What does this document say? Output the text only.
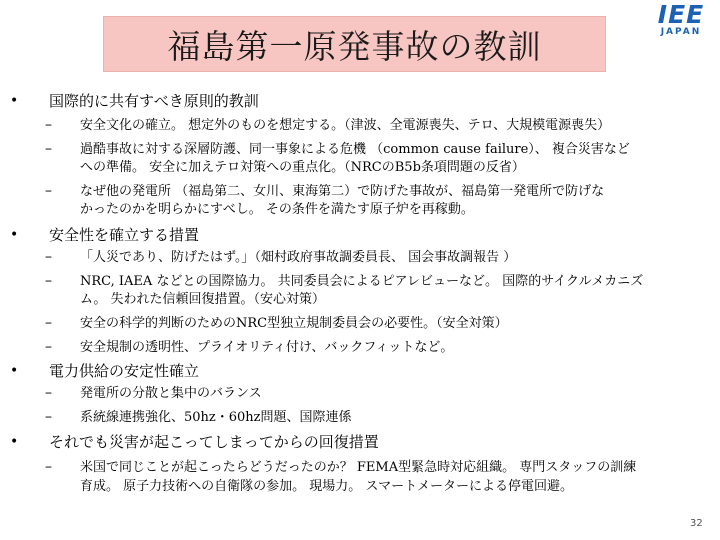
福島第一原発事故の教訓
IEE
JAPAN
• 国際的に共有すべき原則的教訓
– 安全文化の確立。 想定外のものを想定する。（津波、全電源喪失、テロ、大規模電源喪失）
– 過酷事故に対する深層防護、同一事象による危機 （common cause failure）、 複合災害など
への準備。 安全に加えテロ対策への重点化。（NRCのB5b条項問題の反省）
– なぜ他の発電所 （福島第二、女川、東海第二）で防げた事故が、福島第一発電所で防げな
かったのかを明らかにすべし。 その条件を満たす原子炉を再稼動。
• 安全性を確立する措置
– 「人災であり、防げたはず。」（畑村政府事故調委員長、 国会事故調報告 ）
– NRC, IAEA などとの国際協力。 共同委員会によるピアレビューなど。 国際的サイクルメカニズ
ム。 失われた信頼回復措置。（安心対策）
– 安全の科学的判断のためのNRC型独立規制委員会の必要性。（安全対策）
– 安全規制の透明性、プライオリティ付け、バックフィットなど。
• 電力供給の安定性確立
– 発電所の分散と集中のバランス
– 系統線連携強化、50hz・60hz問題、国際連係
• それでも災害が起こってしまってからの回復措置
– 米国で同じことが起こったらどうだったのか？ FEMA型緊急時対応組織。 専門スタッフの訓練
育成。 原子力技術への自衛隊の参加。 現場力。 スマートメーターによる停電回避。
32
